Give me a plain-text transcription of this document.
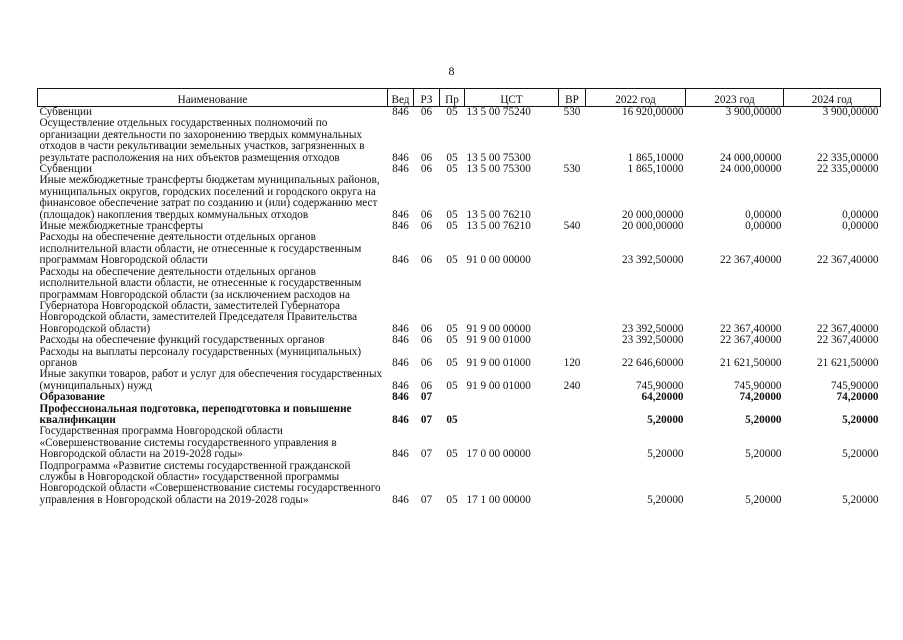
8
Наименование	Вед	РЗ	Пр	ЦСТ	ВР	2022 год	2023 год	2024 год
Субвенции	846	06	05	13 5 00 75240	530	16 920,00000	3 900,00000	3 900,00000
Осуществление отдельных государственных полномочий по организации деятельности по захоронению твердых коммунальных отходов в части рекультивации земельных участков, загрязненных в результате расположения на них объектов размещения отходов	846	06	05	13 5 00 75300		1 865,10000	24 000,00000	22 335,00000
Субвенции	846	06	05	13 5 00 75300	530	1 865,10000	24 000,00000	22 335,00000
Иные межбюджетные трансферты бюджетам муниципальных районов, муниципальных округов, городских поселений и городского округа на финансовое обеспечение затрат по созданию и (или) содержанию мест (площадок) накопления твердых коммунальных отходов	846	06	05	13 5 00 76210		20 000,00000	0,00000	0,00000
Иные межбюджетные трансферты	846	06	05	13 5 00 76210	540	20 000,00000	0,00000	0,00000
Расходы на обеспечение деятельности отдельных органов исполнительной власти области, не отнесенные к государственным программам Новгородской области	846	06	05	91 0 00 00000		23 392,50000	22 367,40000	22 367,40000
Расходы на обеспечение деятельности отдельных органов исполнительной власти области, не отнесенные к государственным программам Новгородской области (за исключением расходов на Губернатора Новгородской области, заместителей Губернатора Новгородской области, заместителей Председателя Правительства Новгородской области)	846	06	05	91 9 00 00000		23 392,50000	22 367,40000	22 367,40000
Расходы на обеспечение функций государственных органов	846	06	05	91 9 00 01000		23 392,50000	22 367,40000	22 367,40000
Расходы на выплаты персоналу государственных (муниципальных) органов	846	06	05	91 9 00 01000	120	22 646,60000	21 621,50000	21 621,50000
Иные закупки товаров, работ и услуг для обеспечения государственных (муниципальных) нужд	846	06	05	91 9 00 01000	240	745,90000	745,90000	745,90000
Образование	846	07				64,20000	74,20000	74,20000
Профессиональная подготовка, переподготовка и повышение квалификации	846	07	05			5,20000	5,20000	5,20000
Государственная программа Новгородской области «Совершенствование системы государственного управления в Новгородской области на 2019-2028 годы»	846	07	05	17 0 00 00000		5,20000	5,20000	5,20000
Подпрограмма «Развитие системы государственной гражданской службы в Новгородской области» государственной программы Новгородской области «Совершенствование системы государственного управления в Новгородской области на 2019-2028 годы»	846	07	05	17 1 00 00000		5,20000	5,20000	5,20000
